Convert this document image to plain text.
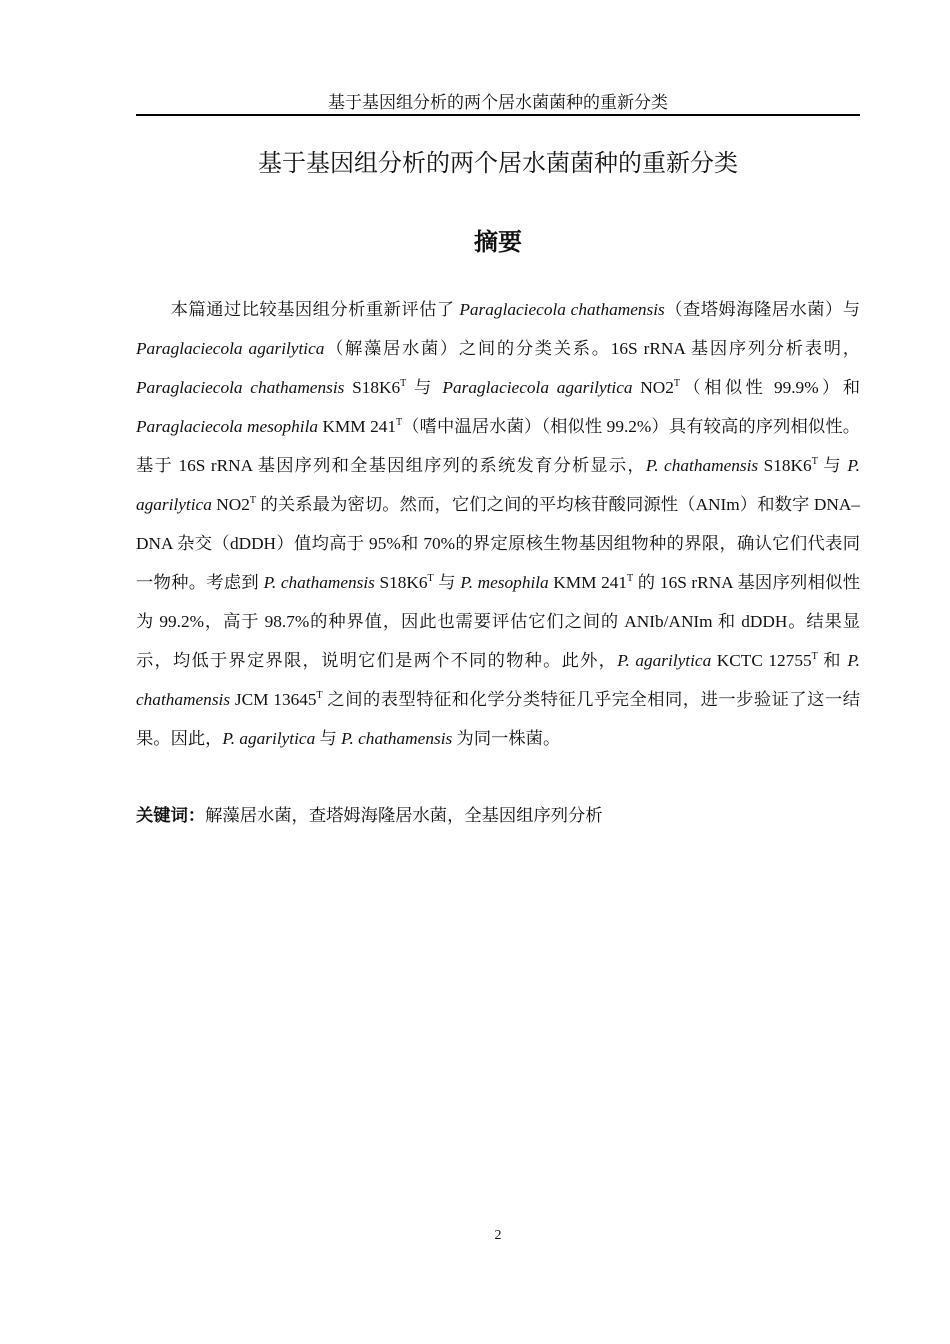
基于基因组分析的两个居水菌菌种的重新分类
基于基因组分析的两个居水菌菌种的重新分类
摘要

本篇通过比较基因组分析重新评估了 Paraglaciecola chathamensis（查塔姆海隆居水菌）与 Paraglaciecola agarilytica（解藻居水菌）之间的分类关系。16S rRNA 基因序列分析表明，Paraglaciecola chathamensis $S18K6^T$ 与 Paraglaciecola agarilytica $NO2^T$（相似性 99.9%）和 Paraglaciecola mesophila KMM $241^T$（嗜中温居水菌）（相似性 99.2%）具有较高的序列相似性。基于 16S rRNA 基因序列和全基因组序列的系统发育分析显示，P. chathamensis $S18K6^T$ 与 P. agarilytica $NO2^T$ 的关系最为密切。然而，它们之间的平均核苷酸同源性（ANIm）和数字 DNA–DNA 杂交（dDDH）值均高于 95%和 70%的界定原核生物基因组物种的界限，确认它们代表同一物种。考虑到 P. chathamensis $S18K6^T$ 与 P. mesophila KMM $241^T$ 的 16S rRNA 基因序列相似性为 99.2%，高于 98.7%的种界值，因此也需要评估它们之间的 ANIb/ANIm 和 dDDH。结果显示，均低于界定界限，说明它们是两个不同的物种。此外，P. agarilytica KCTC $12755^T$ 和 P. chathamensis JCM $13645^T$ 之间的表型特征和化学分类特征几乎完全相同，进一步验证了这一结果。因此，P. agarilytica 与 P. chathamensis 为同一株菌。

关键词：解藻居水菌，查塔姆海隆居水菌，全基因组序列分析
2
